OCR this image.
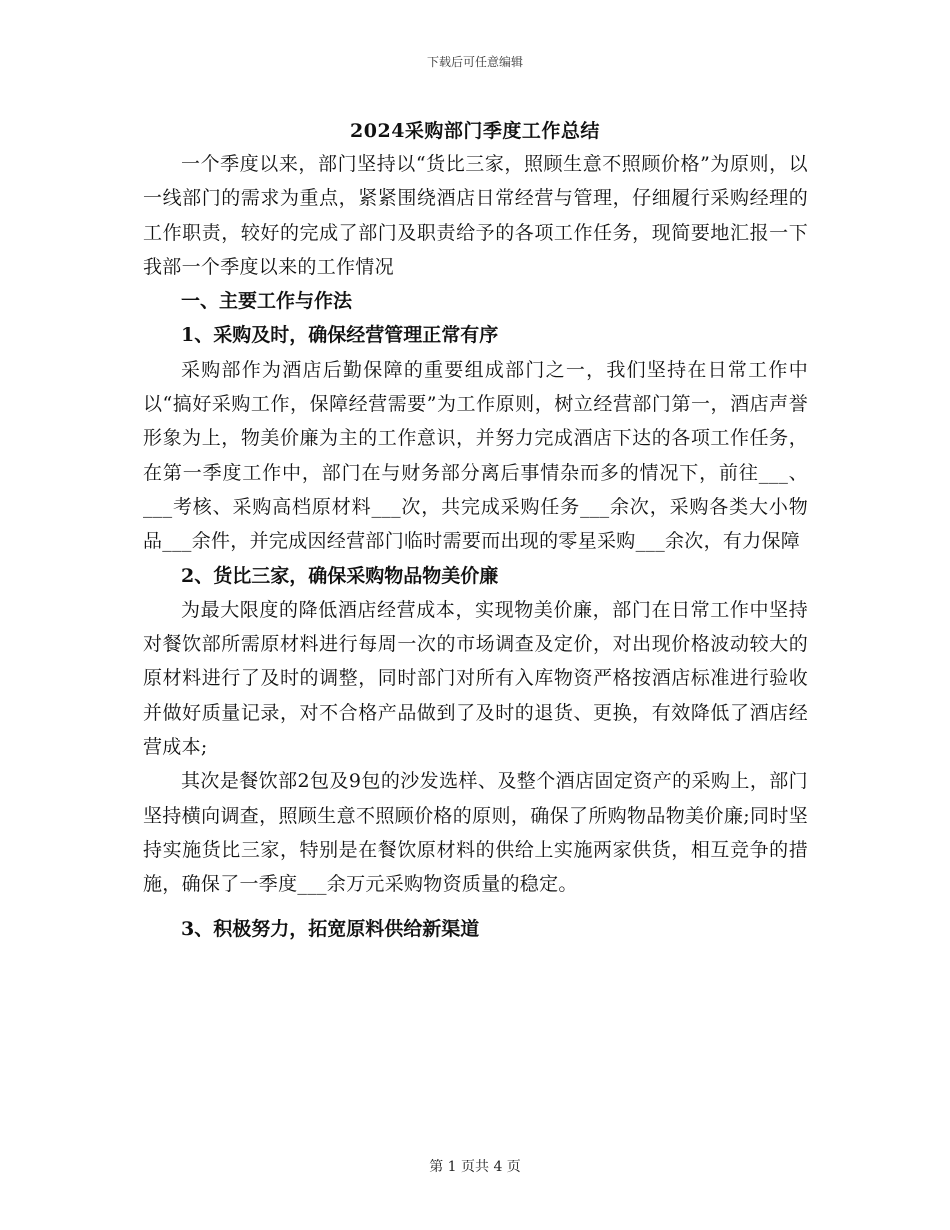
下载后可任意编辑
2024采购部门季度工作总结

一个季度以来，部门坚持以“货比三家，照顾生意不照顾价格”为原则，以一线部门的需求为重点，紧紧围绕酒店日常经营与管理，仔细履行采购经理的工作职责，较好的完成了部门及职责给予的各项工作任务，现简要地汇报一下我部一个季度以来的工作情况

一、主要工作与作法
1、采购及时，确保经营管理正常有序

采购部作为酒店后勤保障的重要组成部门之一，我们坚持在日常工作中以“搞好采购工作，保障经营需要”为工作原则，树立经营部门第一，酒店声誉形象为上，物美价廉为主的工作意识，并努力完成酒店下达的各项工作任务，在第一季度工作中，部门在与财务部分离后事情杂而多的情况下，前往___、___考核、采购高档原材料___次，共完成采购任务___余次，采购各类大小物品___余件，并完成因经营部门临时需要而出现的零星采购___余次，有力保障

2、货比三家，确保采购物品物美价廉

为最大限度的降低酒店经营成本，实现物美价廉，部门在日常工作中坚持对餐饮部所需原材料进行每周一次的市场调查及定价，对出现价格波动较大的原材料进行了及时的调整，同时部门对所有入库物资严格按酒店标准进行验收并做好质量记录，对不合格产品做到了及时的退货、更换，有效降低了酒店经营成本;

其次是餐饮部2包及9包的沙发选样、及整个酒店固定资产的采购上，部门坚持横向调查，照顾生意不照顾价格的原则，确保了所购物品物美价廉;同时坚持实施货比三家，特别是在餐饮原材料的供给上实施两家供货，相互竞争的措施，确保了一季度___余万元采购物资质量的稳定。

3、积极努力，拓宽原料供给新渠道
第 1 页共 4 页
